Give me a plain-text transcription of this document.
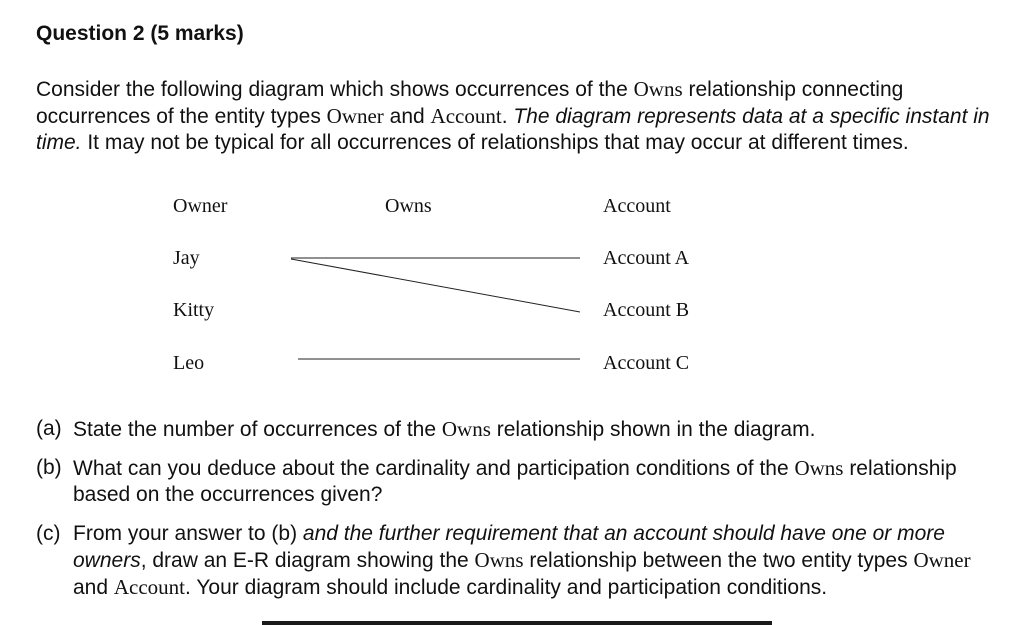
Question 2 (5 marks)

Consider the following diagram which shows occurrences of the Owns relationship connecting occurrences of the entity types Owner and Account. The diagram represents data at a specific instant in time. It may not be typical for all occurrences of relationships that may occur at different times.

Owner	Owns	Account
Jay
Kitty
Leo
Account A
Account B
Account C

(a) State the number of occurrences of the Owns relationship shown in the diagram.

(b) What can you deduce about the cardinality and participation conditions of the Owns relationship based on the occurrences given?

(c) From your answer to (b) and the further requirement that an account should have one or more owners, draw an E-R diagram showing the Owns relationship between the two entity types Owner and Account. Your diagram should include cardinality and participation conditions.
